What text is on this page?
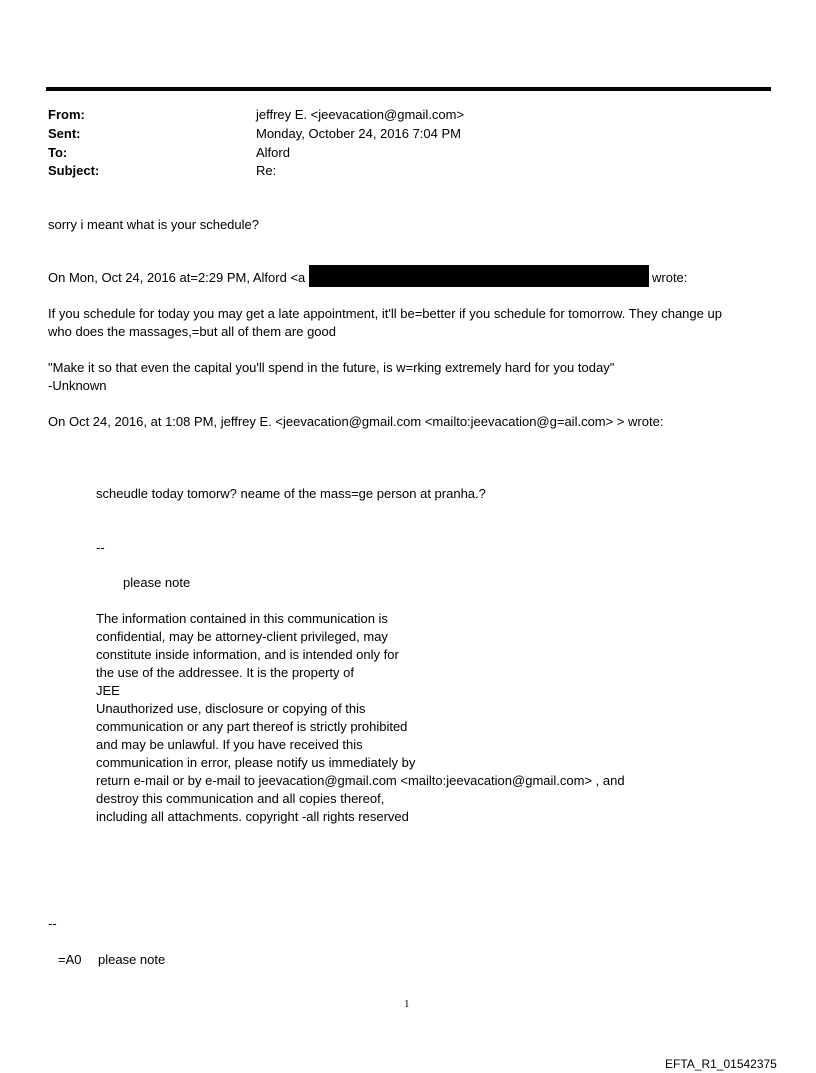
From:	jeffrey E. <jeevacation@gmail.com>
Sent:	Monday, October 24, 2016 7:04 PM
To:	Alford
Subject:	Re:
sorry i meant what is your schedule?
On Mon, Oct 24, 2016 at=2:29 PM, Alford <a	wrote:
If you schedule for today you may get a late appointment, it'll be=better if you schedule for tomorrow. They change up
who does the massages,=but all of them are good
"Make it so that even the capital you'll spend in the future, is w=rking extremely hard for you today"
-Unknown
On Oct 24, 2016, at 1:08 PM, jeffrey E. <jeevacation@gmail.com <mailto:jeevacation@g=ail.com> > wrote:
scheudle today tomorw? neame of the mass=ge person at pranha.?
--
please note
The information contained in this communication is
confidential, may be attorney-client privileged, may
constitute inside information, and is intended only for
the use of the addressee. It is the property of
JEE
Unauthorized use, disclosure or copying of this
communication or any part thereof is strictly prohibited
and may be unlawful. If you have received this
communication in error, please notify us immediately by
return e-mail or by e-mail to jeevacation@gmail.com <mailto:jeevacation@gmail.com> , and
destroy this communication and all copies thereof,
including all attachments. copyright -all rights reserved
--
=A0 please note
1
EFTA_R1_01542375
